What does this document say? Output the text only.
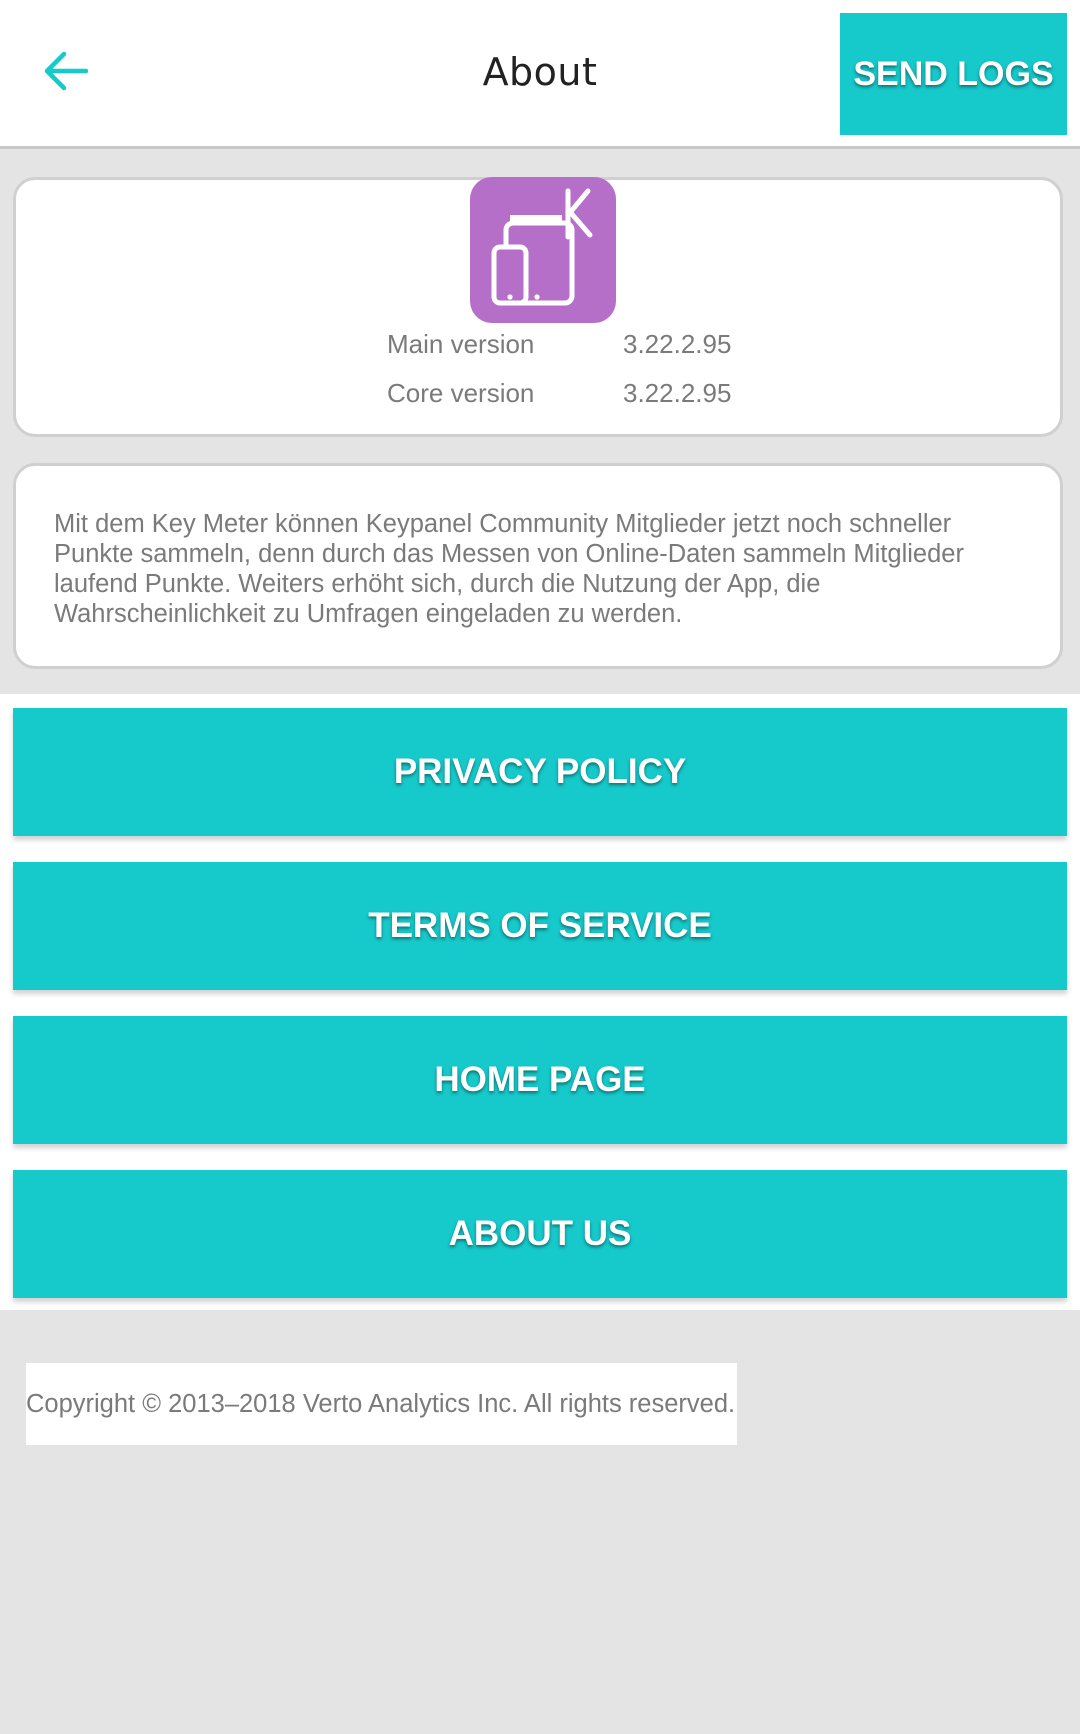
About	SEND LOGS
Main version	3.22.2.95
Core version	3.22.2.95
Mit dem Key Meter können Keypanel Community Mitglieder jetzt noch schneller Punkte sammeln, denn durch das Messen von Online-Daten sammeln Mitglieder laufend Punkte. Weiters erhöht sich, durch die Nutzung der App, die Wahrscheinlichkeit zu Umfragen eingeladen zu werden.
PRIVACY POLICY
TERMS OF SERVICE
HOME PAGE
ABOUT US
Copyright © 2013–2018 Verto Analytics Inc. All rights reserved.
